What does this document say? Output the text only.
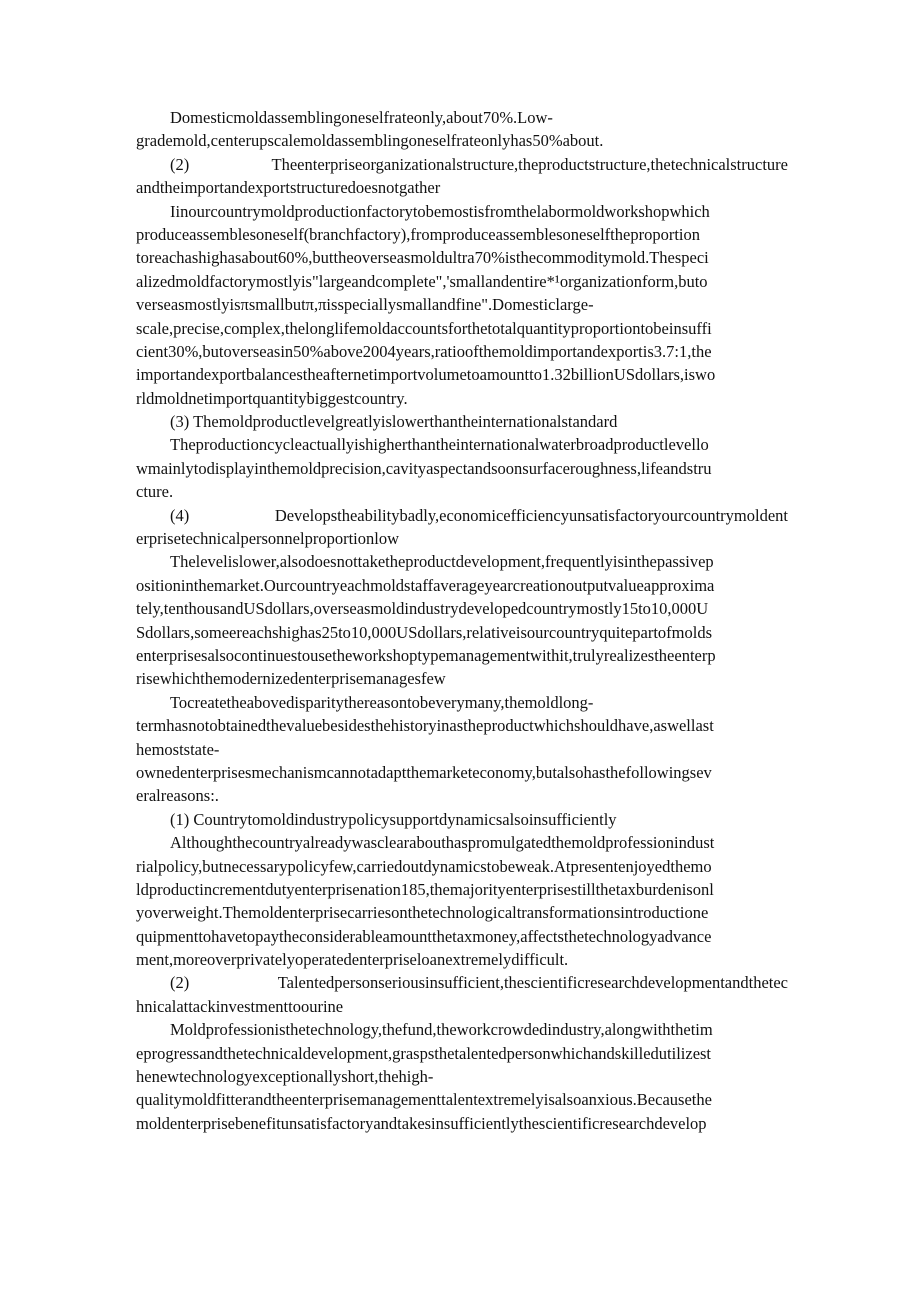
Domesticmoldassemblingoneselfrateonly,about70%.Low-
grademold,centerupscalemoldassemblingoneselfrateonlyhas50%about.
(2) Theenterpriseorganizationalstructure,theproductstructure,thetechnicalstructure
andtheimportandexportstructuredoesnotgather
Iinourcountrymoldproductionfactorytobemostisfromthelabormoldworkshopwhich
produceassemblesoneself(branchfactory),fromproduceassemblesoneselftheproportion
toreachashighasabout60%,buttheoverseasmoldultra70%isthecommoditymold.Thespeci
alizedmoldfactorymostlyis"largeandcomplete",'smallandentire*¹organizationform,buto
verseasmostlyisπsmallbutπ,πisspeciallysmallandfine".Domesticlarge-
scale,precise,complex,thelonglifemoldaccountsforthetotalquantityproportiontobeinsuffi
cient30%,butoverseasin50%above2004years,ratioofthemoldimportandexportis3.7:1,the
importandexportbalancestheafternetimportvolumetoamountto1.32billionUSdollars,iswo
rldmoldnetimportquantitybiggestcountry.
(3) Themoldproductlevelgreatlyislowerthantheinternationalstandard
Theproductioncycleactuallyishigherthantheinternationalwaterbroadproductlevello
wmainlytodisplayinthemoldprecision,cavityaspectandsoonsurfaceroughness,lifeandstru
cture.
(4) Developstheabilitybadly,economicefficiencyunsatisfactoryourcountrymoldent
erprisetechnicalpersonnelproportionlow
Thelevelislower,alsodoesnottaketheproductdevelopment,frequentlyisinthepassivep
ositioninthemarket.Ourcountryeachmoldstaffaverageyearcreationoutputvalueapproxima
tely,tenthousandUSdollars,overseasmoldindustrydevelopedcountrymostly15to10,000U
Sdollars,someereachshighas25to10,000USdollars,relativeisourcountryquitepartofmolds
enterprisesalsocontinuestousetheworkshoptypemanagementwithit,trulyrealizestheenterp
risewhichthemodernizedenterprisemanagesfew
Tocreatetheabovedisparitythereasontobeverymany,themoldlong-
termhasnotobtainedthevaluebesidesthehistoryinastheproductwhichshouldhave,aswellast
hemoststate-
ownedenterprisesmechanismcannotadaptthemarketeconomy,butalsohasthefollowingsev
eralreasons:.
(1) Countrytomoldindustrypolicysupportdynamicsalsoinsufficiently
Althoughthecountryalreadywasclearabouthaspromulgatedthemoldprofessionindust
rialpolicy,butnecessarypolicyfew,carriedoutdynamicstobeweak.Atpresentenjoyedthemo
ldproductincrementdutyenterprisenation185,themajorityenterprisestillthetaxburdenisonl
yoverweight.Themoldenterprisecarriesonthetechnologicaltransformationsintroductione
quipmenttohavetopaytheconsiderableamountthetaxmoney,affectsthetechnologyadvance
ment,moreoverprivatelyoperatedenterpriseloanextremelydifficult.
(2) Talentedpersonseriousinsufficient,thescientificresearchdevelopmentandthetec
hnicalattackinvestmenttoourine
Moldprofessionisthetechnology,thefund,theworkcrowdedindustry,alongwiththetim
eprogressandthetechnicaldevelopment,graspsthetalentedpersonwhichandskilledutilizest
henewtechnologyexceptionallyshort,thehigh-
qualitymoldfitterandtheenterprisemanagementtalentextremelyisalsoanxious.Becausethe
moldenterprisebenefitunsatisfactoryandtakesinsufficientlythescientificresearchdevelop
